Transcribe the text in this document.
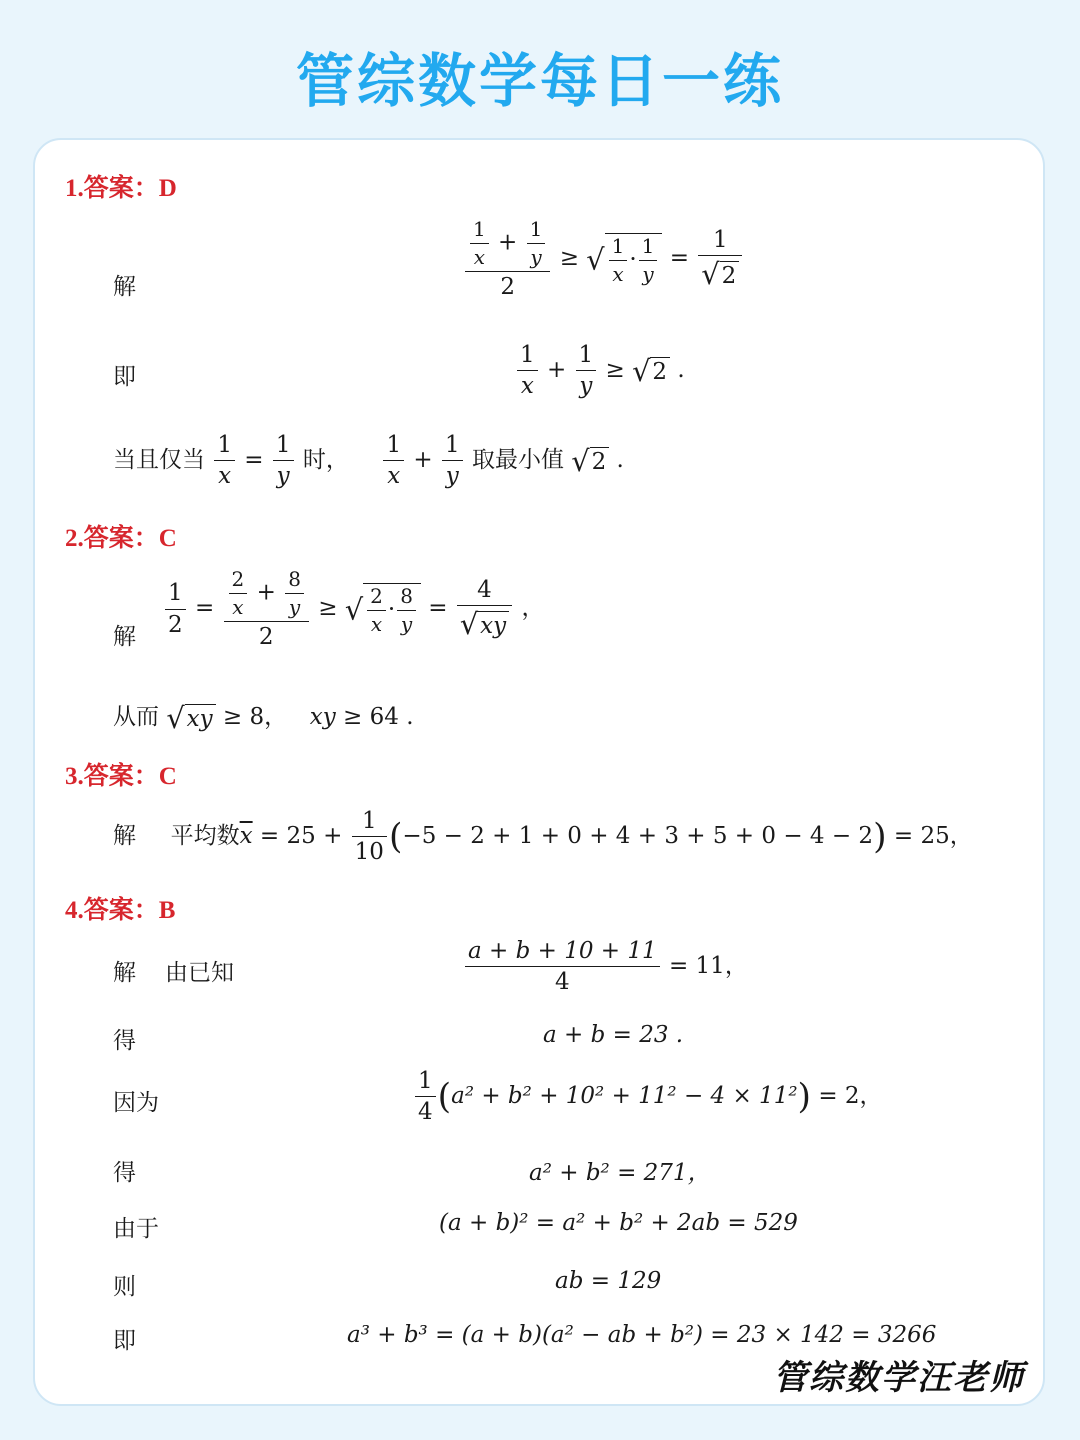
管综数学每日一练
1.答案：D
解	$\frac{\frac{1}{x} + \frac{1}{y}}{2}$ ≥ √ $\frac{1}{x} \cdot \frac{1}{y} = \frac{1}{√2}$
即	$\frac{1}{x} + \frac{1}{y} \ge √2$ .
当且仅当 $\frac{1}{x} = \frac{1}{y}$ 时， $\frac{1}{x} + \frac{1}{y}$ 取最小值 √2 .
2.答案：C
解 $\frac{1}{2} = \frac{\frac{2}{x} + \frac{8}{y}}{2}$ ≥ √ $\frac{2}{x} \cdot \frac{8}{y} = \frac{4}{√xy}$ ，
从而 √xy ≥ 8， xy ≥ 64 .
3.答案：C
解 平均数$\overline{x} = 25 + \frac{1}{10} (-5 - 2 + 1 + 0 + 4 + 3 + 5 + 0 - 4 - 2) = 25$，
4.答案：B
解 由已知	$\frac{a + b + 10 + 11}{4} = 11$，
得	a + b = 23 .
因为	$\frac{1}{4} (a^2 + b^2 + 10^2 + 11^2 - 4 \times 11^2) = 2$，
得	a² + b² = 271，
由于	(a + b)² = a² + b² + 2ab = 529
则	ab = 129
即	a³ + b³ = (a + b)(a² − ab + b²) = 23 × 142 = 3266
管综数学汪老师
